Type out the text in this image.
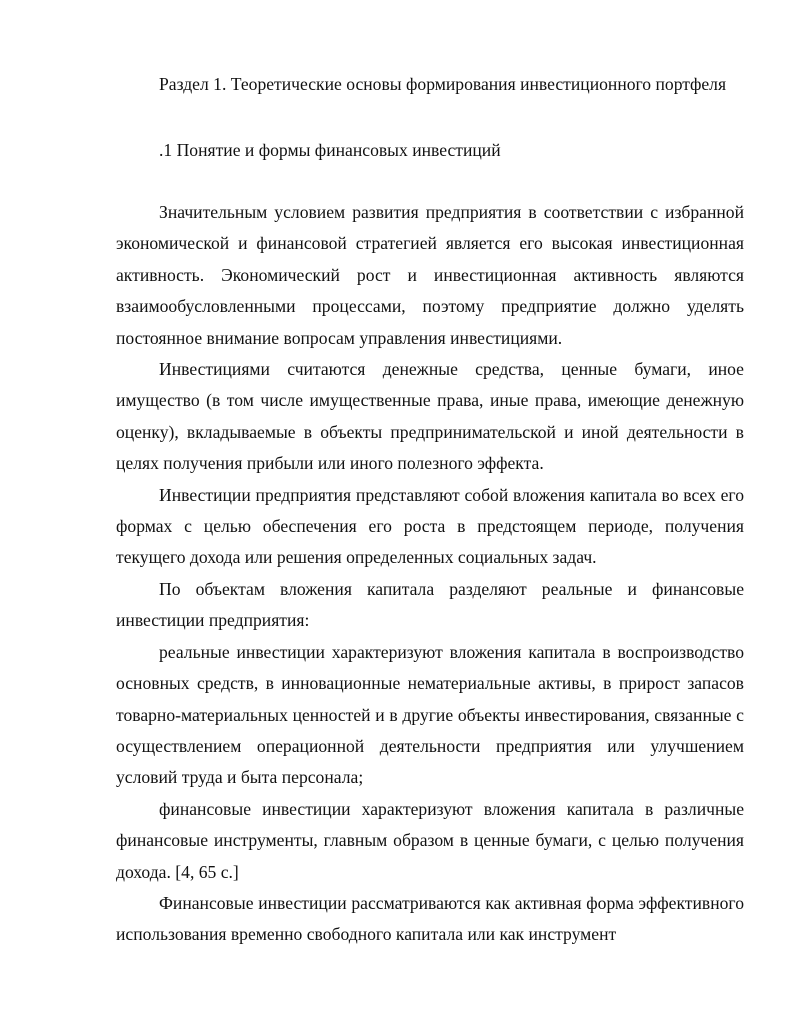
Раздел 1. Теоретические основы формирования инвестиционного портфеля
.1 Понятие и формы финансовых инвестиций

Значительным условием развития предприятия в соответствии с избранной экономической и финансовой стратегией является его высокая инвестиционная активность. Экономический рост и инвестиционная активность являются взаимообусловленными процессами, поэтому предприятие должно уделять постоянное внимание вопросам управления инвестициями.

Инвестициями считаются денежные средства, ценные бумаги, иное имущество (в том числе имущественные права, иные права, имеющие денежную оценку), вкладываемые в объекты предпринимательской и иной деятельности в целях получения прибыли или иного полезного эффекта.

Инвестиции предприятия представляют собой вложения капитала во всех его формах с целью обеспечения его роста в предстоящем периоде, получения текущего дохода или решения определенных социальных задач.

По объектам вложения капитала разделяют реальные и финансовые инвестиции предприятия:

реальные инвестиции характеризуют вложения капитала в воспроизводство основных средств, в инновационные нематериальные активы, в прирост запасов товарно-материальных ценностей и в другие объекты инвестирования, связанные с осуществлением операционной деятельности предприятия или улучшением условий труда и быта персонала;

финансовые инвестиции характеризуют вложения капитала в различные финансовые инструменты, главным образом в ценные бумаги, с целью получения дохода. [4, 65 с.]

Финансовые инвестиции рассматриваются как активная форма эффективного использования временно свободного капитала или как инструмент
